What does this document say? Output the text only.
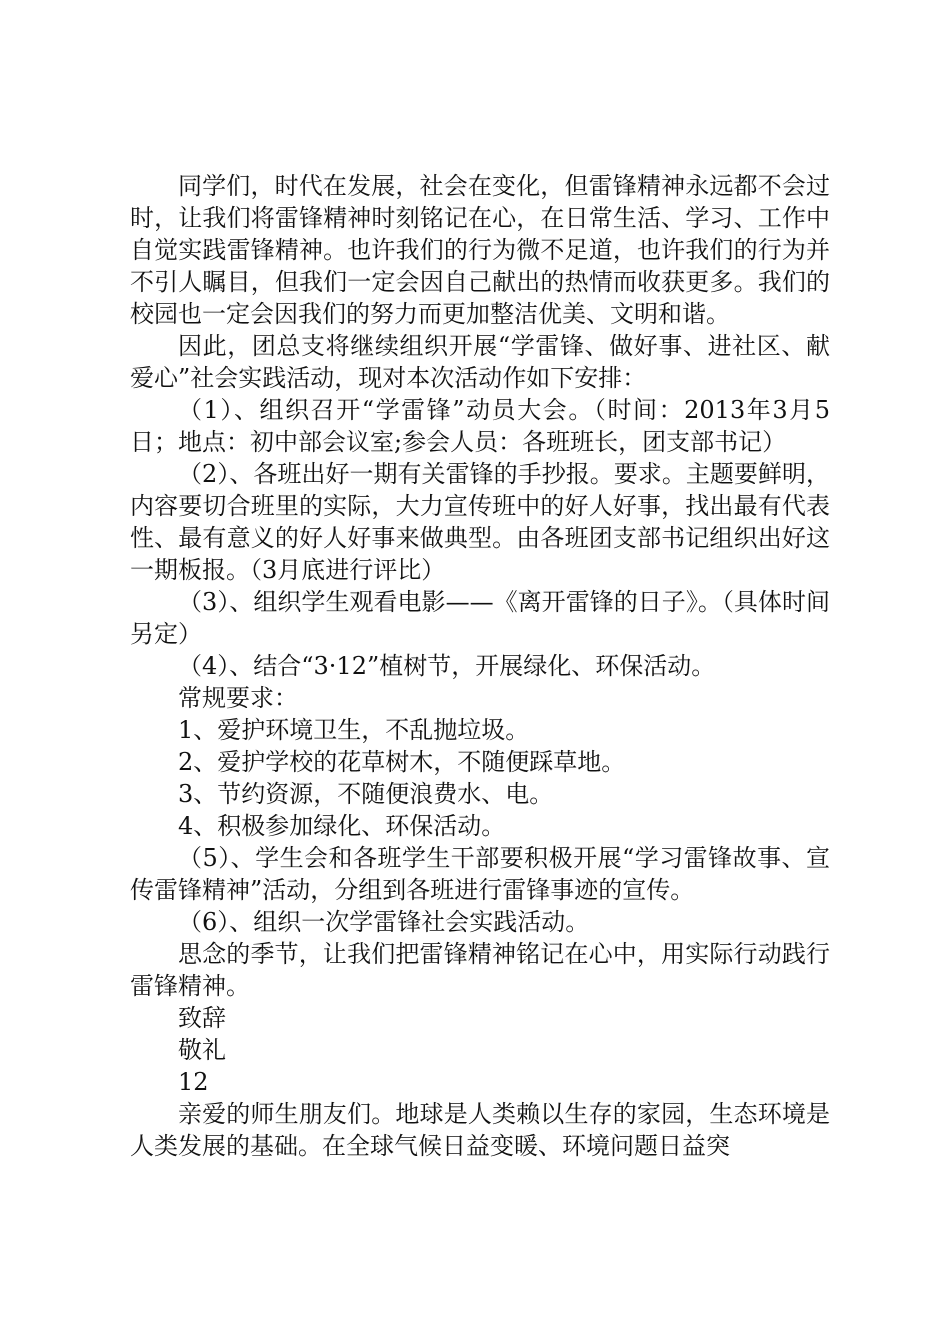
同学们，时代在发展，社会在变化，但雷锋精神永远都不会过时，让我们将雷锋精神时刻铭记在心，在日常生活、学习、工作中自觉实践雷锋精神。也许我们的行为微不足道，也许我们的行为并不引人瞩目，但我们一定会因自己献出的热情而收获更多。我们的校园也一定会因我们的努力而更加整洁优美、文明和谐。

因此，团总支将继续组织开展“学雷锋、做好事、进社区、献爱心”社会实践活动，现对本次活动作如下安排：

（1）、组织召开“学雷锋”动员大会。（时间：2013年3月5日；地点：初中部会议室;参会人员：各班班长，团支部书记）

（2）、各班出好一期有关雷锋的手抄报。要求。主题要鲜明，内容要切合班里的实际，大力宣传班中的好人好事，找出最有代表性、最有意义的好人好事来做典型。由各班团支部书记组织出好这一期板报。（3月底进行评比）

（3）、组织学生观看电影——《离开雷锋的日子》。（具体时间另定）

（4）、结合“3·12”植树节，开展绿化、环保活动。

常规要求：

1、爱护环境卫生，不乱抛垃圾。

2、爱护学校的花草树木，不随便踩草地。

3、节约资源，不随便浪费水、电。

4、积极参加绿化、环保活动。

（5）、学生会和各班学生干部要积极开展“学习雷锋故事、宣传雷锋精神”活动，分组到各班进行雷锋事迹的宣传。

（6）、组织一次学雷锋社会实践活动。

思念的季节，让我们把雷锋精神铭记在心中，用实际行动践行雷锋精神。

致辞

敬礼

12

亲爱的师生朋友们。地球是人类赖以生存的家园，生态环境是人类发展的基础。在全球气候日益变暖、环境问题日益突
